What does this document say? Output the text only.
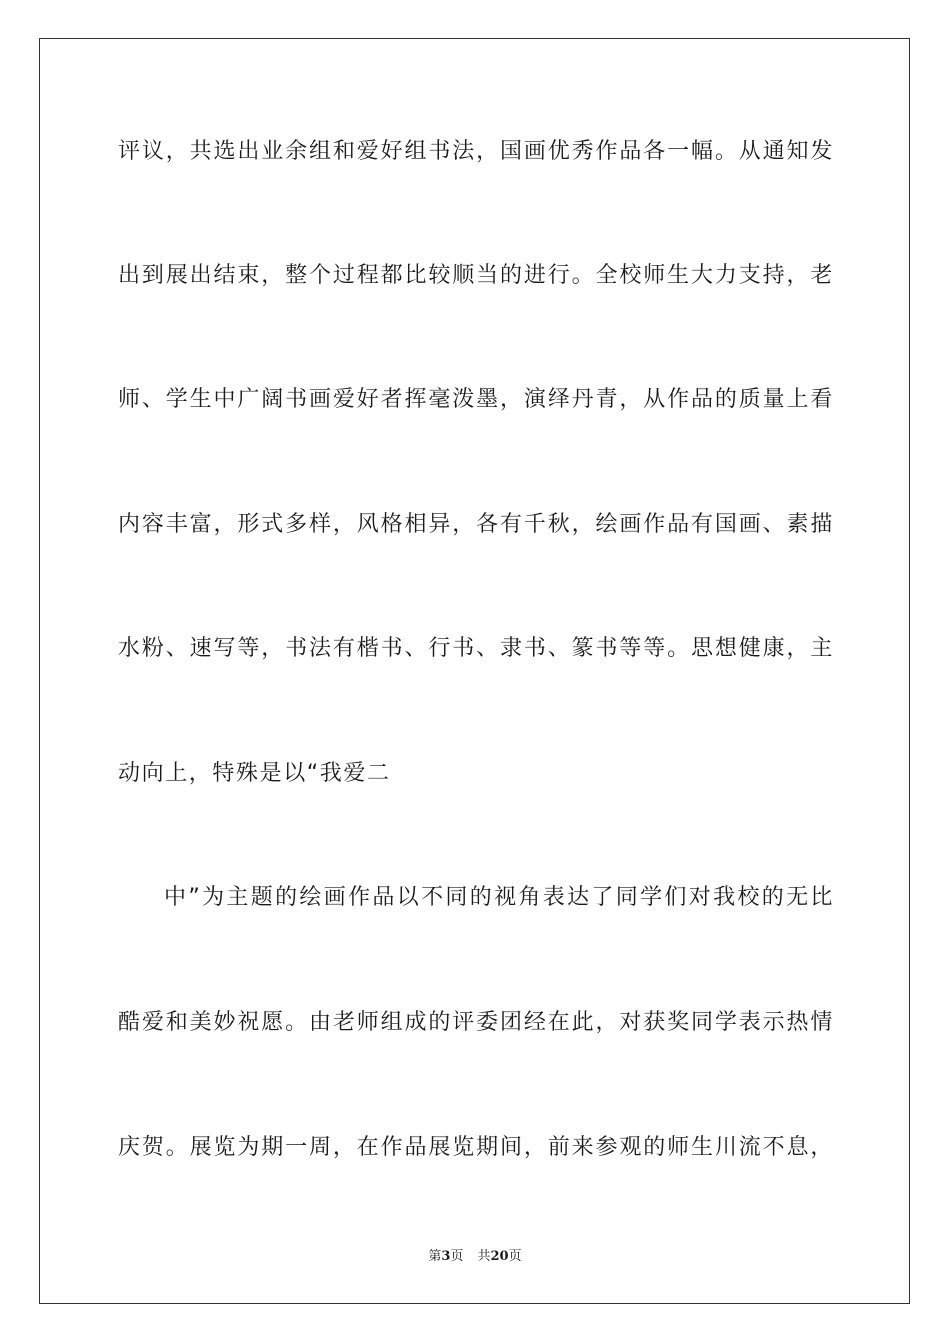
评议，共选出业余组和爱好组书法，国画优秀作品各一幅。从通知发
出到展出结束，整个过程都比较顺当的进行。全校师生大力支持，老
师、学生中广阔书画爱好者挥毫泼墨，演绎丹青，从作品的质量上看
内容丰富，形式多样，风格相异，各有千秋，绘画作品有国画、素描
水粉、速写等，书法有楷书、行书、隶书、篆书等等。思想健康，主
动向上，特殊是以“我爱二
中”为主题的绘画作品以不同的视角表达了同学们对我校的无比
酷爱和美妙祝愿。由老师组成的评委团经在此，对获奖同学表示热情
庆贺。展览为期一周，在作品展览期间，前来参观的师生川流不息，
第3页 共20页
